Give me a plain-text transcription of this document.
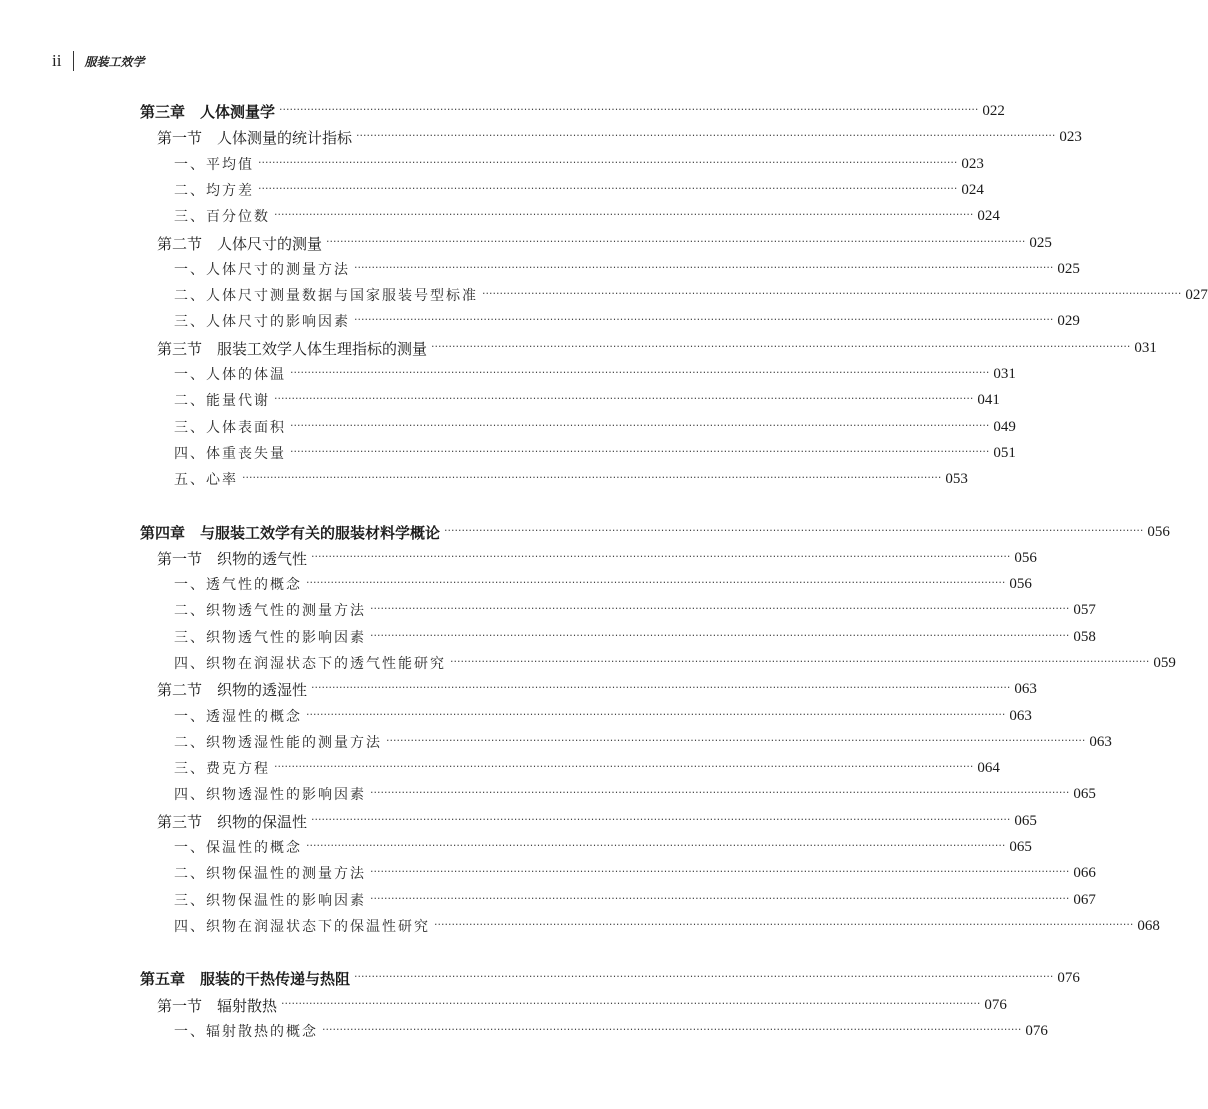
ii 服装工效学
第三章　人体测量学 ········································································································································································································ 022
第一节　人体测量的统计指标 ········································································································································································································ 023
一、平均值 ········································································································································································································ 023
二、均方差 ········································································································································································································ 024
三、百分位数 ········································································································································································································ 024
第二节　人体尺寸的测量 ········································································································································································································ 025
一、人体尺寸的测量方法 ········································································································································································································ 025
二、人体尺寸测量数据与国家服装号型标准 ········································································································································································································ 027
三、人体尺寸的影响因素 ········································································································································································································ 029
第三节　服装工效学人体生理指标的测量 ········································································································································································································ 031
一、人体的体温 ········································································································································································································ 031
二、能量代谢 ········································································································································································································ 041
三、人体表面积 ········································································································································································································ 049
四、体重丧失量 ········································································································································································································ 051
五、心率 ········································································································································································································ 053
第四章　与服装工效学有关的服装材料学概论 ········································································································································································································ 056
第一节　织物的透气性 ········································································································································································································ 056
一、透气性的概念 ········································································································································································································ 056
二、织物透气性的测量方法 ········································································································································································································ 057
三、织物透气性的影响因素 ········································································································································································································ 058
四、织物在润湿状态下的透气性能研究 ········································································································································································································ 059
第二节　织物的透湿性 ········································································································································································································ 063
一、透湿性的概念 ········································································································································································································ 063
二、织物透湿性能的测量方法 ········································································································································································································ 063
三、费克方程 ········································································································································································································ 064
四、织物透湿性的影响因素 ········································································································································································································ 065
第三节　织物的保温性 ········································································································································································································ 065
一、保温性的概念 ········································································································································································································ 065
二、织物保温性的测量方法 ········································································································································································································ 066
三、织物保温性的影响因素 ········································································································································································································ 067
四、织物在润湿状态下的保温性研究 ········································································································································································································ 068
第五章　服装的干热传递与热阻 ········································································································································································································ 076
第一节　辐射散热 ········································································································································································································ 076
一、辐射散热的概念 ········································································································································································································ 076
